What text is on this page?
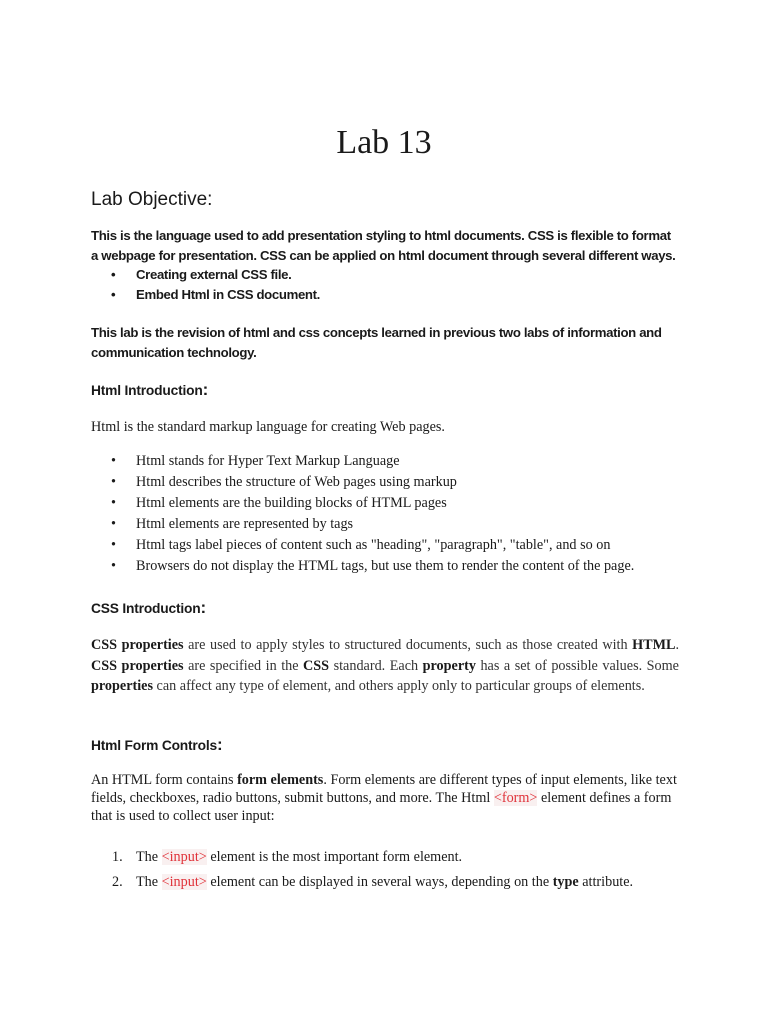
Lab 13
Lab Objective:

This is the language used to add presentation styling to html documents. CSS is flexible to format a webpage for presentation. CSS can be applied on html document through several different ways.

• Creating external CSS file.
• Embed Html in CSS document.

This lab is the revision of html and css concepts learned in previous two labs of information and communication technology.

Html Introduction:

Html is the standard markup language for creating Web pages.

• Html stands for Hyper Text Markup Language
• Html describes the structure of Web pages using markup
• Html elements are the building blocks of HTML pages
• Html elements are represented by tags
• Html tags label pieces of content such as "heading", "paragraph", "table", and so on
• Browsers do not display the HTML tags, but use them to render the content of the page.
CSS Introduction:

CSS properties are used to apply styles to structured documents, such as those created with HTML. CSS properties are specified in the CSS standard. Each property has a set of possible values. Some properties can affect any type of element, and others apply only to particular groups of elements.

Html Form Controls:

An HTML form contains form elements. Form elements are different types of input elements, like text fields, checkboxes, radio buttons, submit buttons, and more. The Html <form> element defines a form that is used to collect user input:

1. The <input> element is the most important form element.
2. The <input> element can be displayed in several ways, depending on the type attribute.
